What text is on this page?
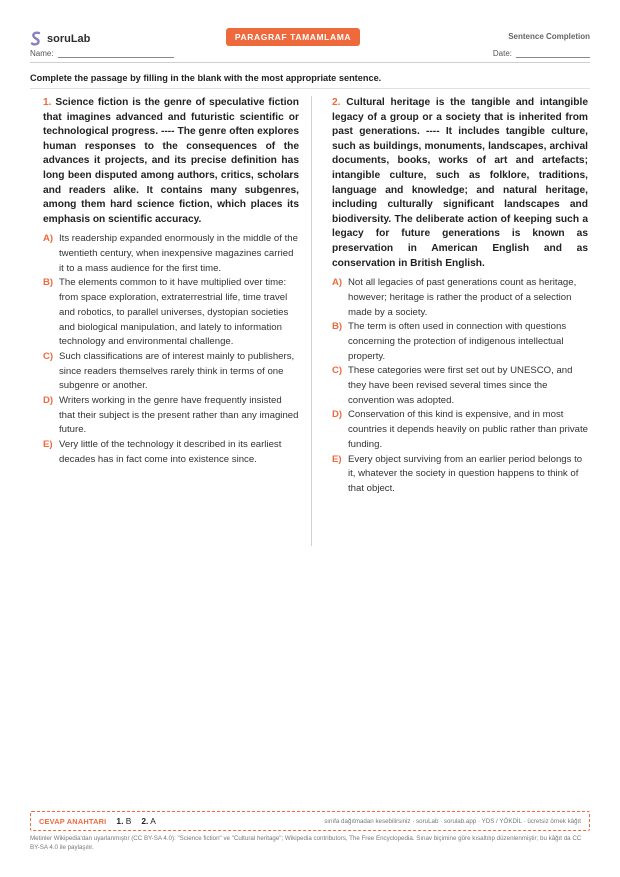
soruLab	PARAGRAF TAMAMLAMA	Sentence Completion
Name:	Date:
Complete the passage by filling in the blank with the most appropriate sentence.

1. Science fiction is the genre of speculative fiction that imagines advanced and futuristic scientific or technological progress. ---- The genre often explores human responses to the consequences of the advances it projects, and its precise definition has long been disputed among authors, critics, scholars and readers alike. It contains many subgenres, among them hard science fiction, which places its emphasis on scientific accuracy.

A) Its readership expanded enormously in the middle of the twentieth century, when inexpensive magazines carried it to a mass audience for the first time.
B) The elements common to it have multiplied over time: from space exploration, extraterrestrial life, time travel and robotics, to parallel universes, dystopian societies and biological manipulation, and lately to information technology and environmental challenge.
C) Such classifications are of interest mainly to publishers, since readers themselves rarely think in terms of one subgenre or another.
D) Writers working in the genre have frequently insisted that their subject is the present rather than any imagined future.
E) Very little of the technology it described in its earliest decades has in fact come into existence since.

2. Cultural heritage is the tangible and intangible legacy of a group or a society that is inherited from past generations. ---- It includes tangible culture, such as buildings, monuments, landscapes, archival documents, books, works of art and artefacts; intangible culture, such as folklore, traditions, language and knowledge; and natural heritage, including culturally significant landscapes and biodiversity. The deliberate action of keeping such a legacy for future generations is known as preservation in American English and as conservation in British English.

A) Not all legacies of past generations count as heritage, however; heritage is rather the product of a selection made by a society.
B) The term is often used in connection with questions concerning the protection of indigenous intellectual property.
C) These categories were first set out by UNESCO, and they have been revised several times since the convention was adopted.
D) Conservation of this kind is expensive, and in most countries it depends heavily on public rather than private funding.
E) Every object surviving from an earlier period belongs to it, whatever the society in question happens to think of that object.
CEVAP ANAHTARI 1. B 2. A	sınıfa dağıtmadan kesebilirsiniz · soruLab · sorulab.app · YDS / YÖKDİL · ücretsiz örnek kâğıt
Metinler Wikipedia'dan uyarlanmıştır (CC BY-SA 4.0): "Science fiction" ve "Cultural heritage"; Wikipedia contributors, The Free Encyclopedia. Sınav biçimine göre kısaltılıp düzenlenmiştir; bu kâğıt da CC BY-SA 4.0 ile paylaşılır.
